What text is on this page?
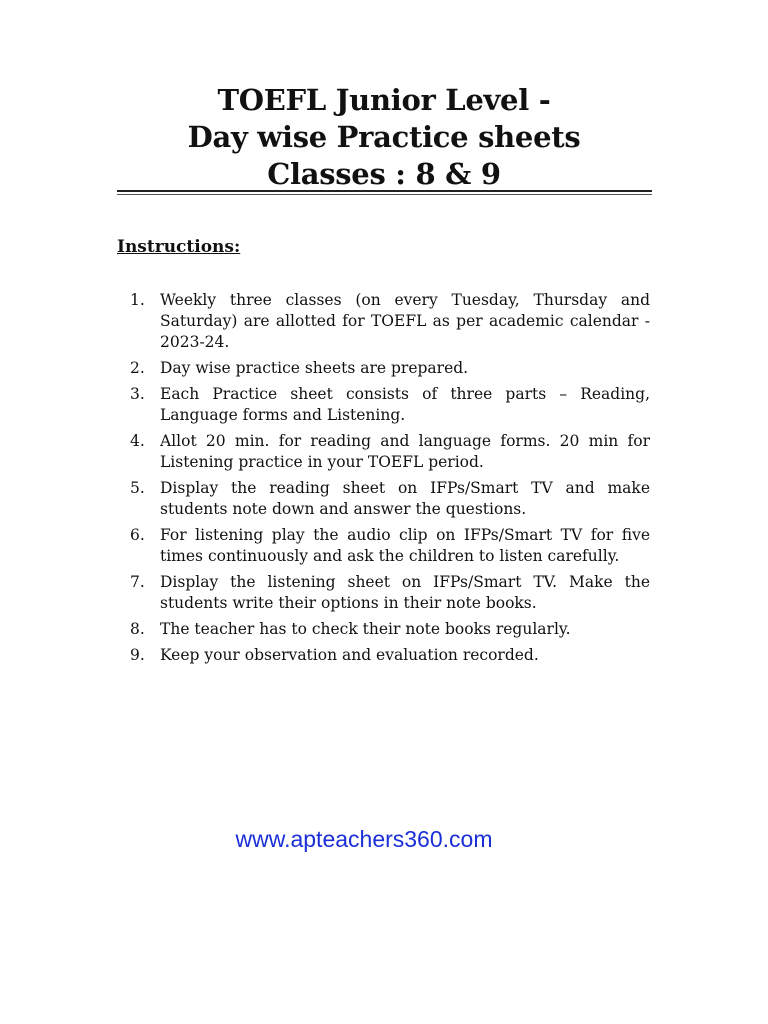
TOEFL Junior Level -
Day wise Practice sheets
Classes : 8 & 9
Instructions:
1. Weekly three classes (on every Tuesday, Thursday and Saturday) are allotted for TOEFL as per academic calendar - 2023-24.
2. Day wise practice sheets are prepared.
3. Each Practice sheet consists of three parts – Reading, Language forms and Listening.
4. Allot 20 min. for reading and language forms. 20 min for Listening practice in your TOEFL period.
5. Display the reading sheet on IFPs/Smart TV and make students note down and answer the questions.
6. For listening play the audio clip on IFPs/Smart TV for five times continuously and ask the children to listen carefully.
7. Display the listening sheet on IFPs/Smart TV. Make the students write their options in their note books.
8. The teacher has to check their note books regularly.
9. Keep your observation and evaluation recorded.
www.apteachers360.com
